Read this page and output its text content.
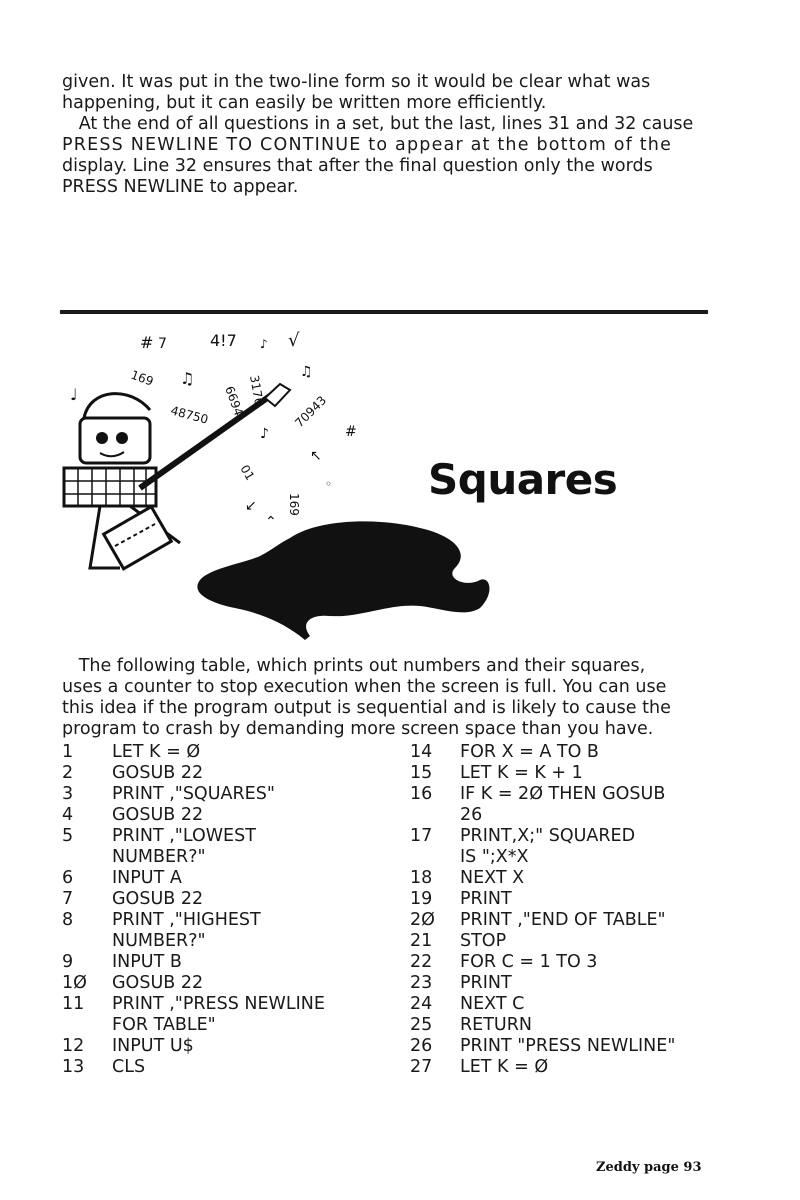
given. It was put in the two-line form so it would be clear what was
happening, but it can easily be written more efficiently.
At the end of all questions in a set, but the last, lines 31 and 32 cause
PRESS NEWLINE TO CONTINUE to appear at the bottom of the
display. Line 32 ensures that after the final question only the words
PRESS NEWLINE to appear.
# 7	4!7 ♪ √
169
48750 6694 3176
70943
#
♫
♫
♩
01
169
◦
♪
↖
↙
⌃
Squares
The following table, which prints out numbers and their squares,
uses a counter to stop execution when the screen is full. You can use
this idea if the program output is sequential and is likely to cause the
program to crash by demanding more screen space than you have.
1	LET K = Ø
2	GOSUB 22
3	PRINT ,"SQUARES"
4	GOSUB 22
5	PRINT ,"LOWEST
NUMBER?"
6	INPUT A
7	GOSUB 22
8	PRINT ,"HIGHEST
NUMBER?"
9	INPUT B
1Ø	GOSUB 22
11	PRINT ,"PRESS NEWLINE
FOR TABLE"
12	INPUT U$
13	CLS
14	FOR X = A TO B
15	LET K = K + 1
16	IF K = 2Ø THEN GOSUB
26
17	PRINT,X;" SQUARED
IS ";X*X
18	NEXT X
19	PRINT
2Ø	PRINT ,"END OF TABLE"
21	STOP
22	FOR C = 1 TO 3
23	PRINT
24	NEXT C
25	RETURN
26	PRINT "PRESS NEWLINE"
27	LET K = Ø
Zeddy page 93
